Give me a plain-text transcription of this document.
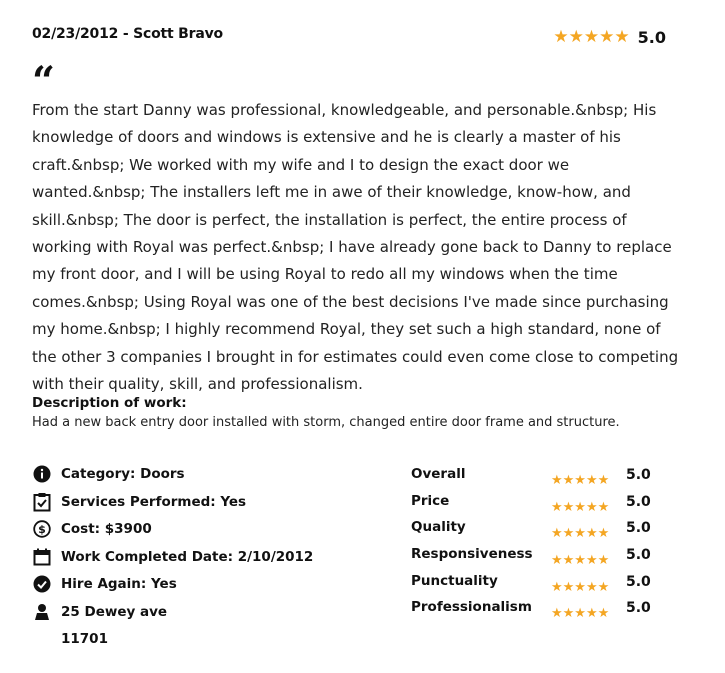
02/23/2012 - Scott Bravo	★ ★ ★ ★ ★ 5.0
“
From the start Danny was professional, knowledgeable, and personable.&nbsp; His knowledge of doors and windows is extensive and he is clearly a master of his craft.&nbsp; We worked with my wife and I to design the exact door we wanted.&nbsp; The installers left me in awe of their knowledge, know-how, and skill.&nbsp; The door is perfect, the installation is perfect, the entire process of working with Royal was perfect.&nbsp; I have already gone back to Danny to replace my front door, and I will be using Royal to redo all my windows when the time comes.&nbsp; Using Royal was one of the best decisions I've made since purchasing my home.&nbsp; I highly recommend Royal, they set such a high standard, none of the other 3 companies I brought in for estimates could even come close to competing with their quality, skill, and professionalism.
Description of work:
Had a new back entry door installed with storm, changed entire door frame and structure.
Category: Doors
Services Performed: Yes
$ Cost: $3900
Work Completed Date: 2/10/2012
Hire Again: Yes
25 Dewey ave
11701
Overall	★★★★★ 5.0
Price	★★★★★ 5.0
Quality	★★★★★ 5.0
Responsiveness ★★★★★ 5.0
Punctuality	★★★★★ 5.0
Professionalism ★★★★★ 5.0
